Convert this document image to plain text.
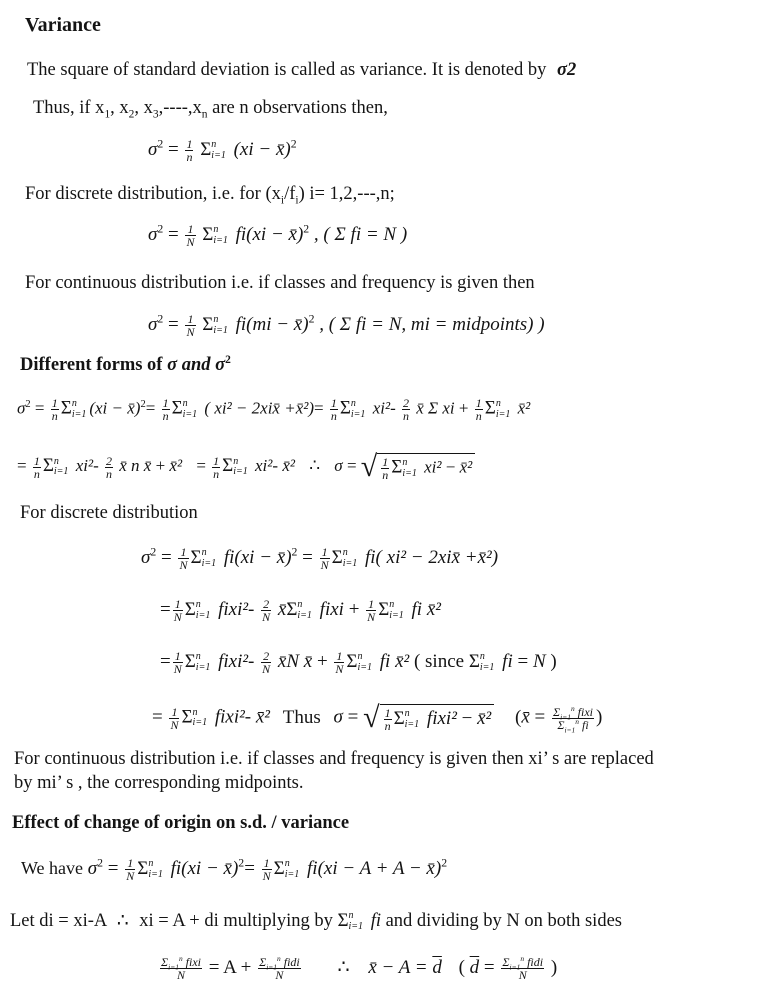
Variance
The square of standard deviation is called as variance. It is denoted by σ2
Thus, if $x_1$, $x_2$, $x_3,----,x_n$ are n observations then,
$\sigma^2 = \frac{1}{n}$ Σ n
i=1 (xi − x̄)$^2$
For discrete distribution, i.e. for $(x_i/f_i)$ i= 1,2,---,n;
$\sigma^2 = \frac{1}{N}$ Σ n
i=1 fi(xi − x̄)$^2$ , ( Σ fi = N )
For continuous distribution i.e. if classes and frequency is given then
$\sigma^2 = \frac{1}{N}$ Σ n
i=1 fi(mi − x̄)$^2$ , ( Σ fi = N, mi = midpoints) )
Different forms of σ and $\sigma^2$
$\sigma^2 = \frac{1}{n}$ Σ n
i=1 (xi − x̄)$^2$= $\frac{1}{n}$ Σ n
i=1 ( xi² − 2xix̄ +x̄²)= $\frac{1}{n}$ Σ n
i=1 $xi^2- \frac{2}{n}$ x̄ Σ xi + $\frac{1}{n}$ Σ n
i=1 x̄²
= $\frac{1}{n}$ Σ n
i=1 $xi^2- \frac{2}{n}$ x̄ n x̄ + x̄² = $\frac{1}{n}$ Σ n
i=1 xi²- x̄² ∴ σ = √ $\frac{1}{n}$ Σ n
i=1 xi² − x̄²
For discrete distribution
$\sigma^2 = \frac{1}{N}$ Σ n
i=1 fi(xi − x̄)$^2$ = $\frac{1}{N}$ Σ n
i=1 fi( xi² − 2xix̄ +x̄²)
= $\frac{1}{N}$ Σ n
i=1 fixi²- $\frac{2}{N}$ x̄Σ n
i=1 fixi + $\frac{1}{N}$ Σ n
i=1 fi x̄²
= $\frac{1}{N}$ Σ n
i=1 fixi²- $\frac{2}{N}$ x̄N x̄ + $\frac{1}{N}$ Σ n
i=1 fi x̄² ( since Σ n
i=1 fi = N )
= $\frac{1}{N}$ Σ n
i=1 fixi²- x̄² Thus σ = √ $\frac{1}{n}$ Σ n
i=1 fixi² − x̄² (x̄ = $\frac{\Sigma_{i=1}^n fixi}{\Sigma_{i=1}^n fi}$ )
For continuous distribution i.e. if classes and frequency is given then xi’ s are replaced
by mi’ s , the corresponding midpoints.
Effect of change of origin on s.d. / variance
We have $\sigma^2 = \frac{1}{N}$ Σ n
i=1 fi(xi − x̄)$^2$= $\frac{1}{N}$ Σ n
i=1 fi(xi − A + A − x̄)$^2$
Let di = xi-A ∴ xi = A + di multiplying by Σ n
i=1 fi and dividing by N on both sides
$\frac{\Sigma_{i=1}^n fixi}{N} = A + \frac{\Sigma_{i=1}^n fidi}{N}$ ∴ x̄ − $A = \overline{d}$ ( $\overline{d} = \frac{\Sigma_{i=1}^n fidi}{N}$ )
